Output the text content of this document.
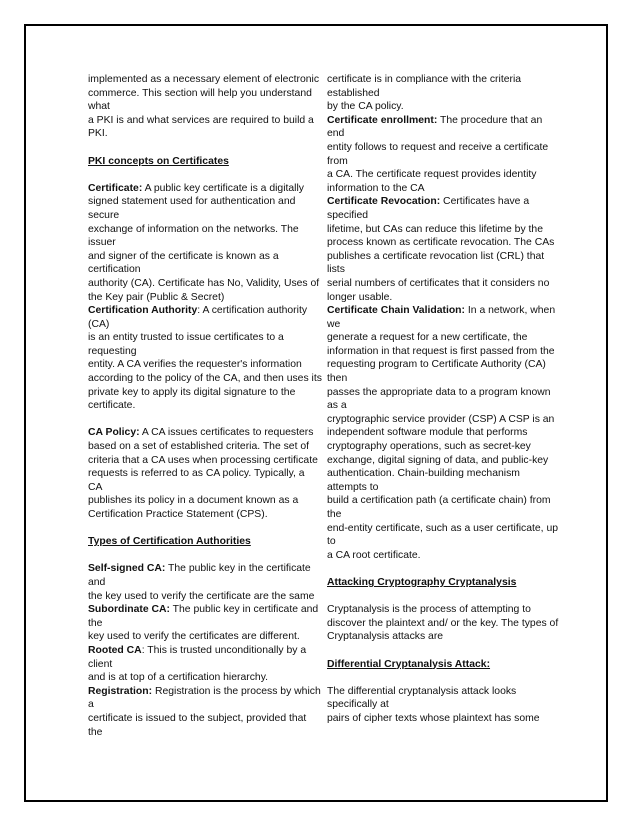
implemented as a necessary element of electronic
commerce. This section will help you understand
what
a PKI is and what services are required to build a
PKI.
PKI concepts on Certificates
Certificate: A public key certificate is a digitally
signed statement used for authentication and
secure
exchange of information on the networks. The
issuer
and signer of the certificate is known as a
certification
authority (CA). Certificate has No, Validity, Uses of
the Key pair (Public & Secret)
Certification Authority: A certification authority
(CA)
is an entity trusted to issue certificates to a
requesting
entity. A CA verifies the requester's information
according to the policy of the CA, and then uses its
private key to apply its digital signature to the
certificate.
CA Policy: A CA issues certificates to requesters
based on a set of established criteria. The set of
criteria that a CA uses when processing certificate
requests is referred to as CA policy. Typically, a
CA
publishes its policy in a document known as a
Certification Practice Statement (CPS).
Types of Certification Authorities
Self-signed CA: The public key in the certificate
and
the key used to verify the certificate are the same
Subordinate CA: The public key in certificate and
the
key used to verify the certificates are different.
Rooted CA: This is trusted unconditionally by a
client
and is at top of a certification hierarchy.
Registration: Registration is the process by which
a
certificate is issued to the subject, provided that
the
certificate is in compliance with the criteria
established
by the CA policy.
Certificate enrollment: The procedure that an
end
entity follows to request and receive a certificate
from
a CA. The certificate request provides identity
information to the CA
Certificate Revocation: Certificates have a
specified
lifetime, but CAs can reduce this lifetime by the
process known as certificate revocation. The CAs
publishes a certificate revocation list (CRL) that
lists
serial numbers of certificates that it considers no
longer usable.
Certificate Chain Validation: In a network, when
we
generate a request for a new certificate, the
information in that request is first passed from the
requesting program to Certificate Authority (CA)
then
passes the appropriate data to a program known
as a
cryptographic service provider (CSP) A CSP is an
independent software module that performs
cryptography operations, such as secret-key
exchange, digital signing of data, and public-key
authentication. Chain-building mechanism
attempts to
build a certification path (a certificate chain) from
the
end-entity certificate, such as a user certificate, up
to
a CA root certificate.
Attacking Cryptography Cryptanalysis
Cryptanalysis is the process of attempting to
discover the plaintext and/ or the key. The types of
Cryptanalysis attacks are
Differential Cryptanalysis Attack:
The differential cryptanalysis attack looks
specifically at
pairs of cipher texts whose plaintext has some
